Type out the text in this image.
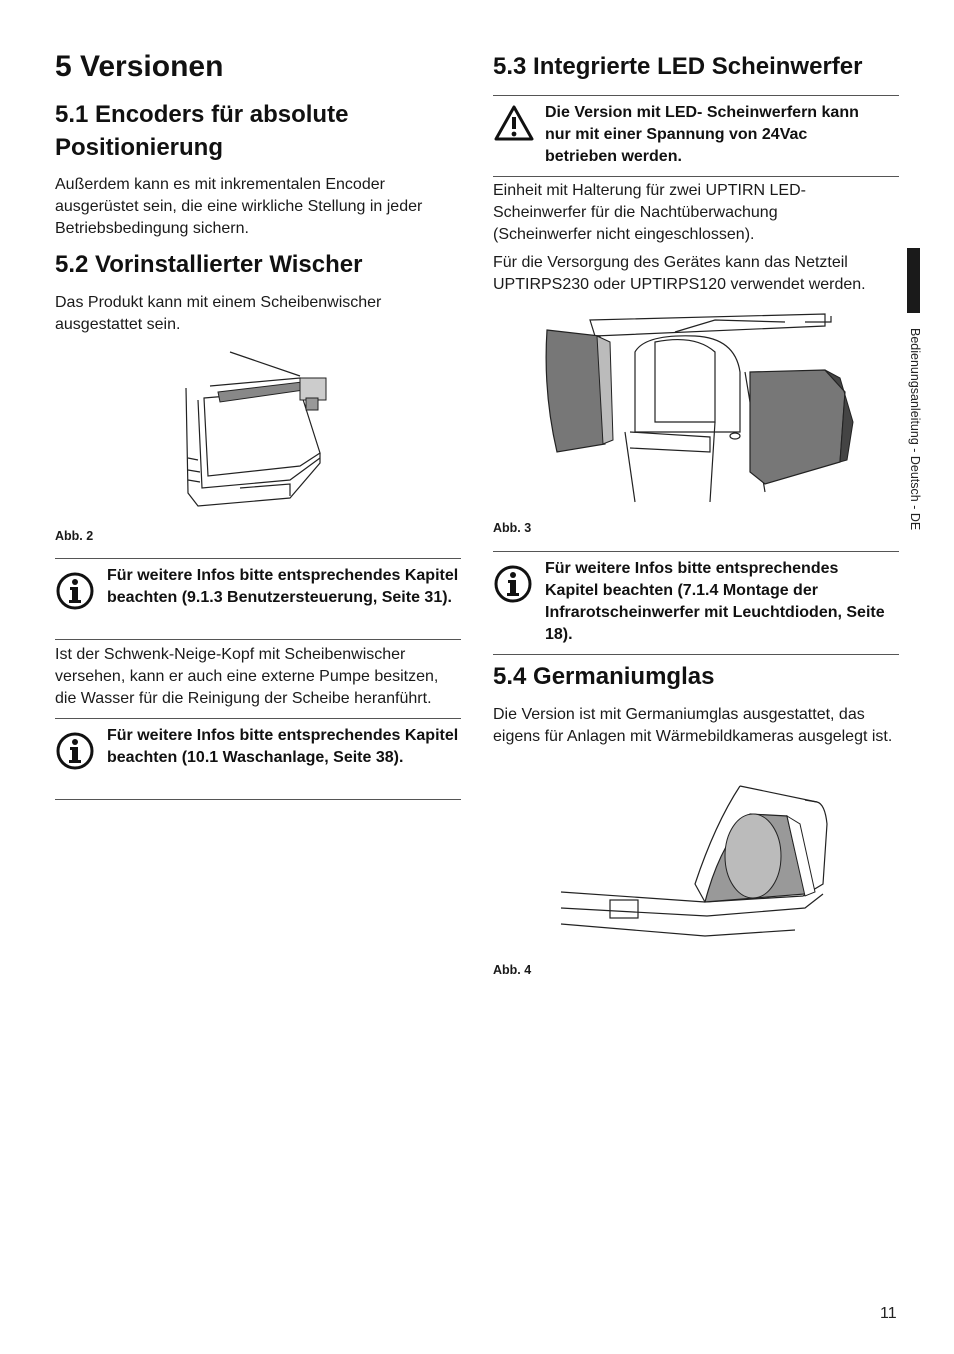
5 Versionen
5.1 Encoders für absolute Positionierung

Außerdem kann es mit inkrementalen Encoder ausgerüstet sein, die eine wirkliche Stellung in jeder Betriebsbedingung sichern.

5.2 Vorinstallierter Wischer

Das Produkt kann mit einem Scheibenwischer ausgestattet sein.

Abb. 2
Für weitere Infos bitte entsprechendes Kapitel beachten (9.1.3 Benutzersteuerung, Seite 31).

Ist der Schwenk-Neige-Kopf mit Scheibenwischer versehen, kann er auch eine externe Pumpe besitzen, die Wasser für die Reinigung der Scheibe heranführt.

Für weitere Infos bitte entsprechendes Kapitel beachten (10.1 Waschanlage, Seite 38).
5.3 Integrierte LED Scheinwerfer
Die Version mit LED- Scheinwerfern kann nur mit einer Spannung von 24Vac betrieben werden.

Einheit mit Halterung für zwei UPTIRN LED-Scheinwerfer für die Nachtüberwachung (Scheinwerfer nicht eingeschlossen).

Für die Versorgung des Gerätes kann das Netzteil UPTIRPS230 oder UPTIRPS120 verwendet werden.

Abb. 3
Für weitere Infos bitte entsprechendes Kapitel beachten (7.1.4 Montage der Infrarotscheinwerfer mit Leuchtdioden, Seite 18).
5.4 Germaniumglas

Die Version ist mit Germaniumglas ausgestattet, das eigens für Anlagen mit Wärmebildkameras ausgelegt ist.

Abb. 4
Bedienungsanleitung - Deutsch - DE
11
